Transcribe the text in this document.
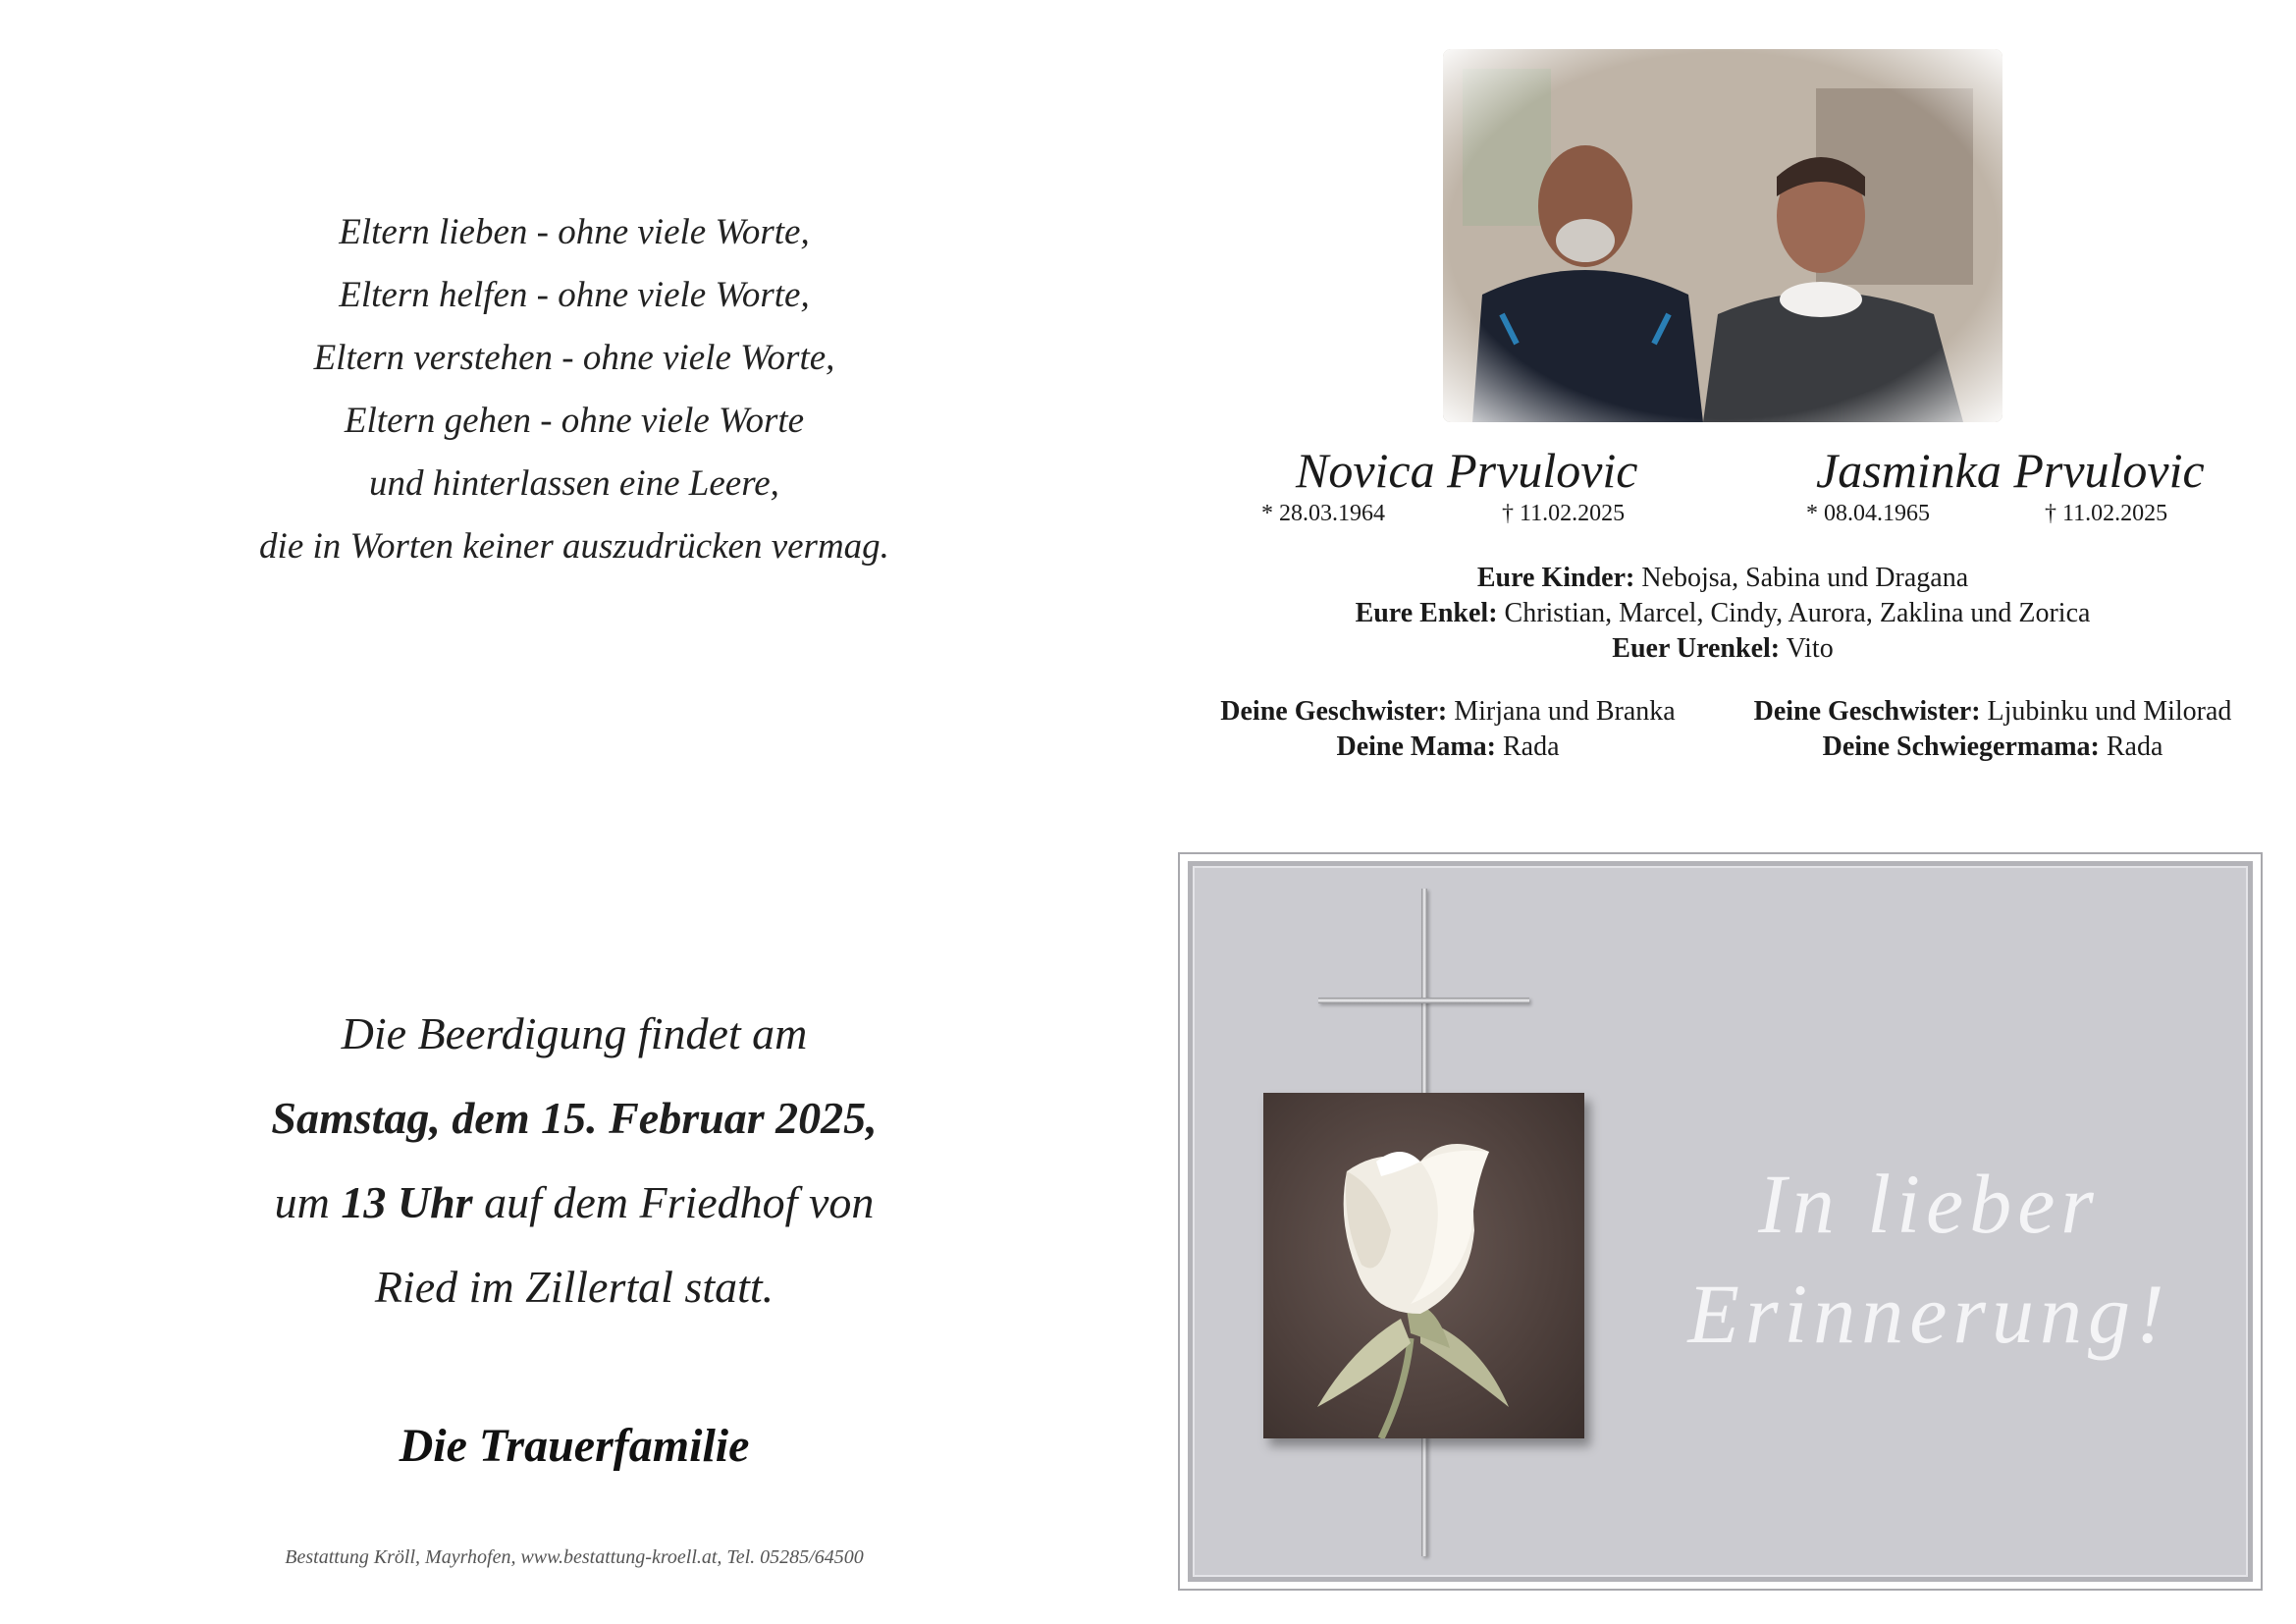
Eltern lieben - ohne viele Worte,
Eltern helfen - ohne viele Worte,
Eltern verstehen - ohne viele Worte,
Eltern gehen - ohne viele Worte
und hinterlassen eine Leere,
die in Worten keiner auszudrücken vermag.
Die Beerdigung findet am
Samstag, dem 15. Februar 2025,
um 13 Uhr auf dem Friedhof von
Ried im Zillertal statt.
Die Trauerfamilie
Bestattung Kröll, Mayrhofen, www.bestattung-kroell.at, Tel. 05285/64500
Novica Prvulovic
* 28.03.1964	† 11.02.2025
Jasminka Prvulovic
* 08.04.1965	† 11.02.2025
Eure Kinder: Nebojsa, Sabina und Dragana
Eure Enkel: Christian, Marcel, Cindy, Aurora, Zaklina und Zorica
Euer Urenkel: Vito
Deine Geschwister: Mirjana und Branka
Deine Mama: Rada
Deine Geschwister: Ljubinku und Milorad
Deine Schwiegermama: Rada
In lieber
Erinnerung!
